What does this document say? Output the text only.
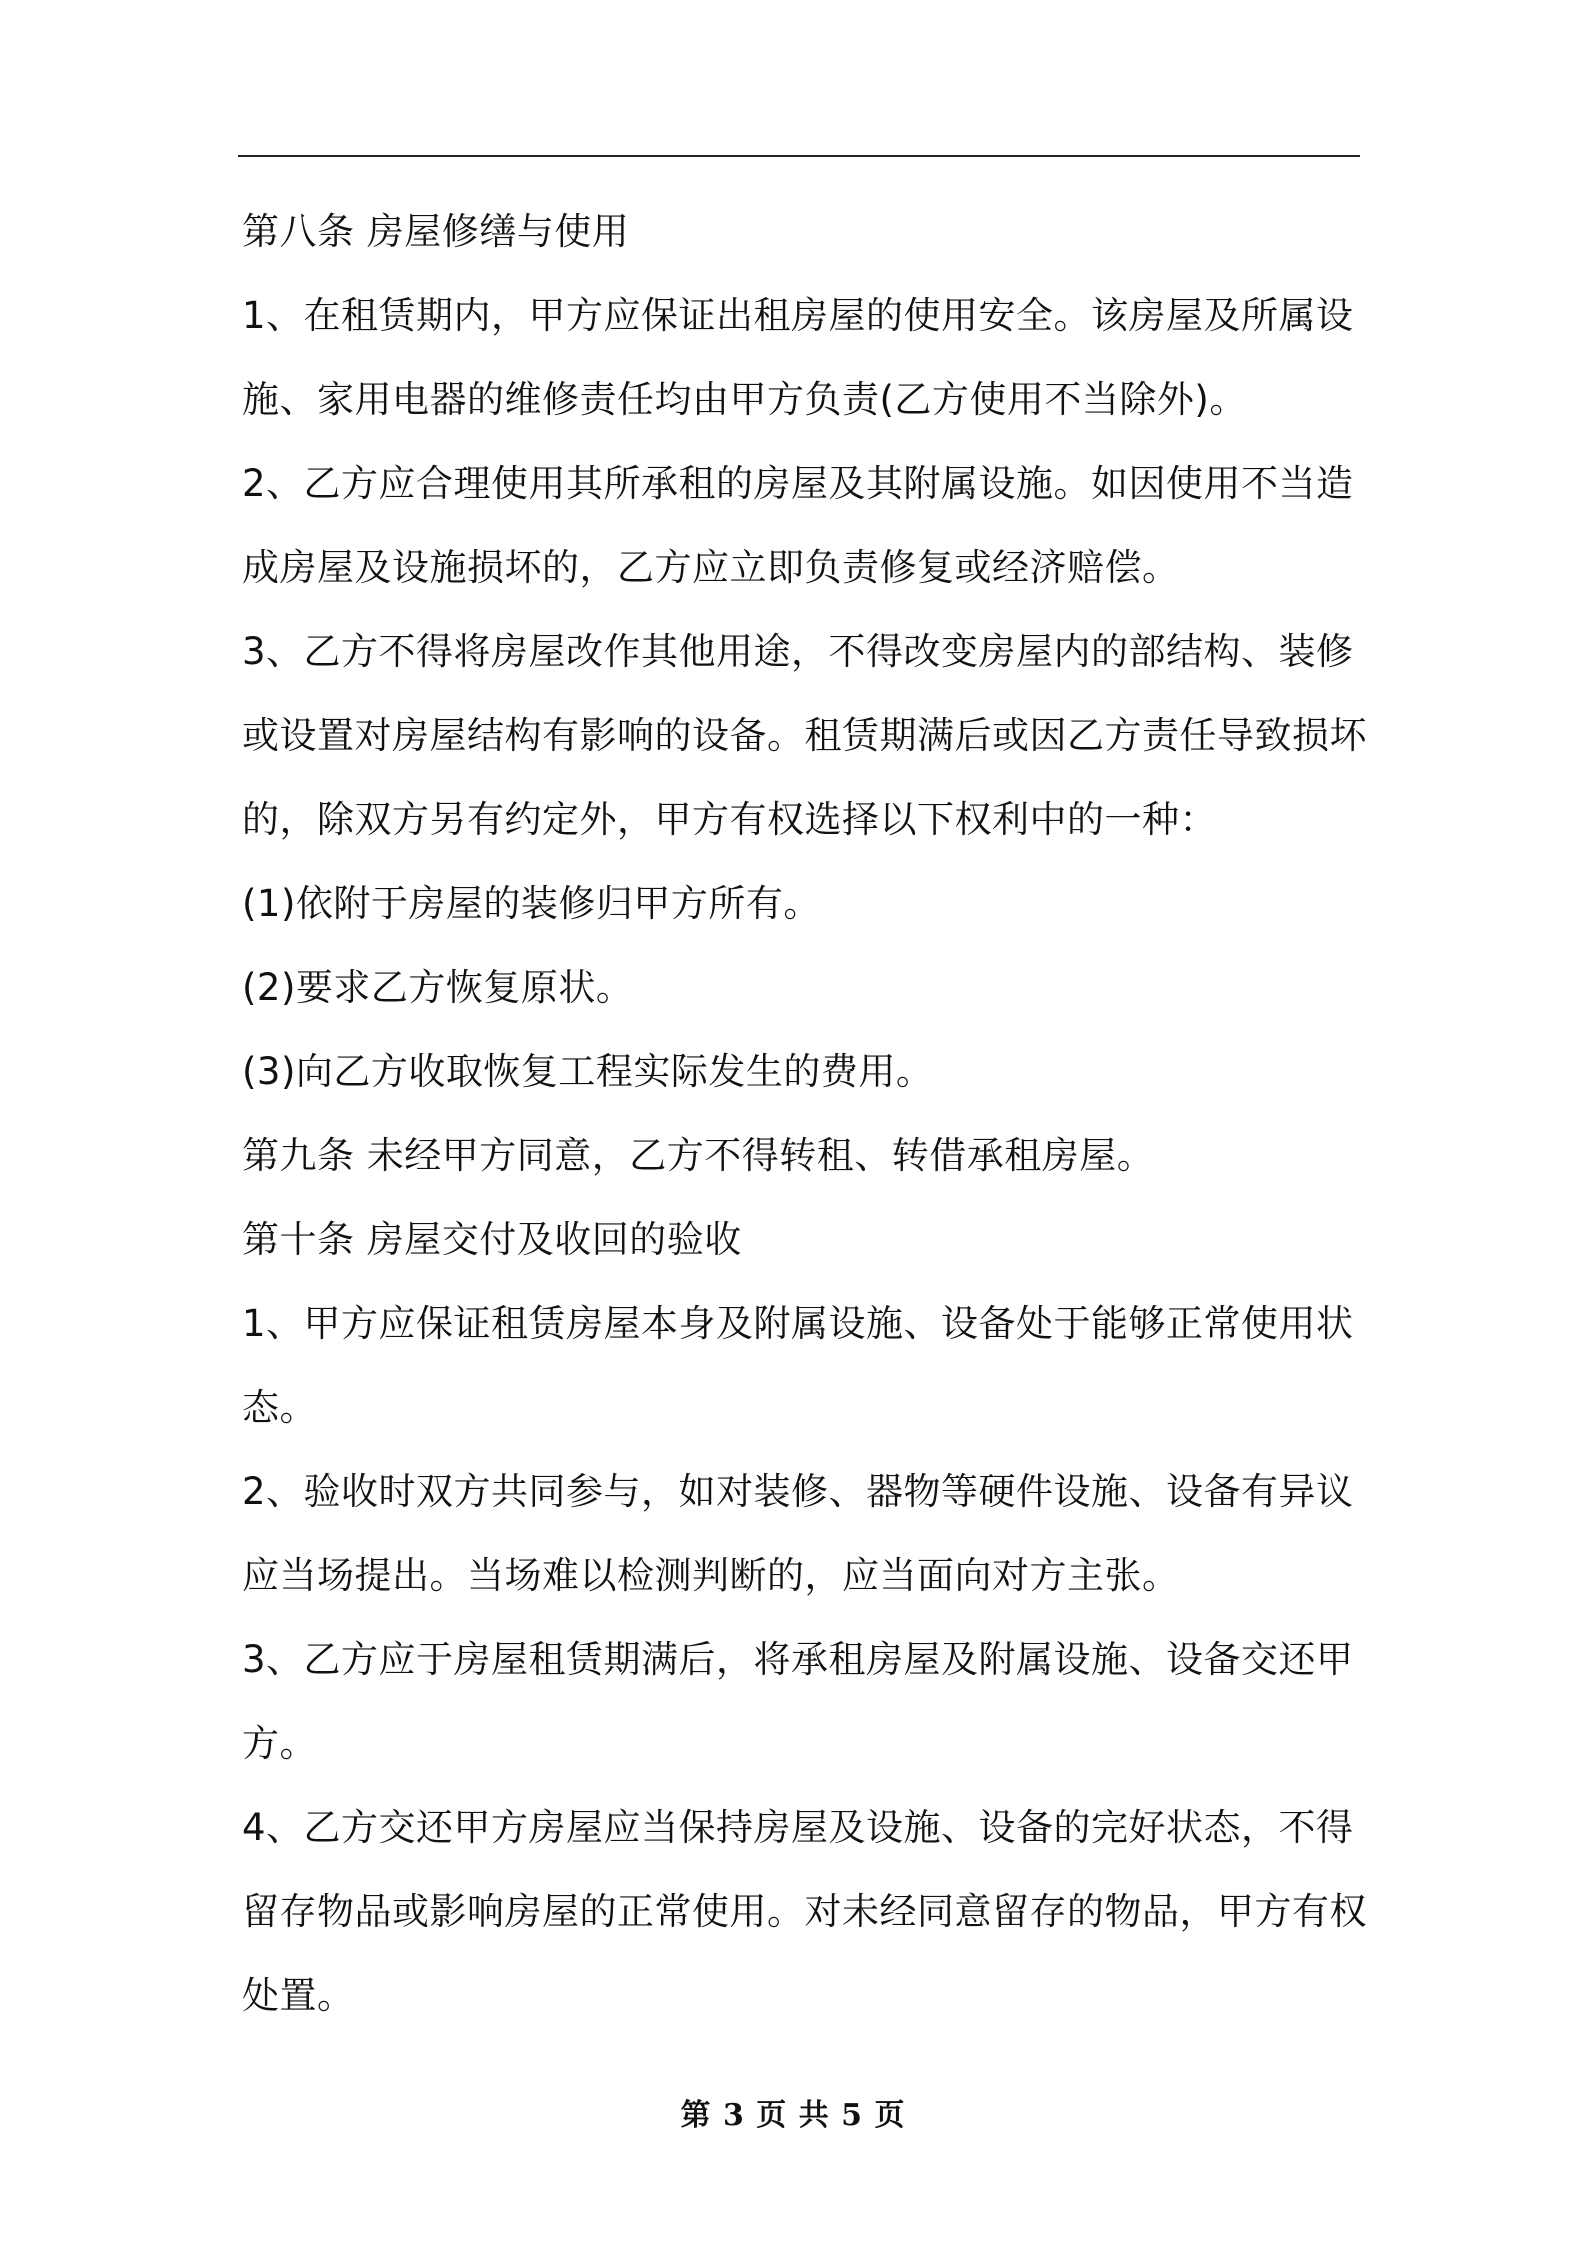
第八条 房屋修缮与使用
1、在租赁期内，甲方应保证出租房屋的使用安全。该房屋及所属设
施、家用电器的维修责任均由甲方负责(乙方使用不当除外)。
2、乙方应合理使用其所承租的房屋及其附属设施。如因使用不当造
成房屋及设施损坏的，乙方应立即负责修复或经济赔偿。
3、乙方不得将房屋改作其他用途，不得改变房屋内的部结构、装修
或设置对房屋结构有影响的设备。租赁期满后或因乙方责任导致损坏
的，除双方另有约定外，甲方有权选择以下权利中的一种：
(1)依附于房屋的装修归甲方所有。
(2)要求乙方恢复原状。
(3)向乙方收取恢复工程实际发生的费用。
第九条 未经甲方同意，乙方不得转租、转借承租房屋。
第十条 房屋交付及收回的验收
1、甲方应保证租赁房屋本身及附属设施、设备处于能够正常使用状
态。
2、验收时双方共同参与，如对装修、器物等硬件设施、设备有异议
应当场提出。当场难以检测判断的，应当面向对方主张。
3、乙方应于房屋租赁期满后，将承租房屋及附属设施、设备交还甲
方。
4、乙方交还甲方房屋应当保持房屋及设施、设备的完好状态，不得
留存物品或影响房屋的正常使用。对未经同意留存的物品，甲方有权
处置。
第 3 页 共 5 页
